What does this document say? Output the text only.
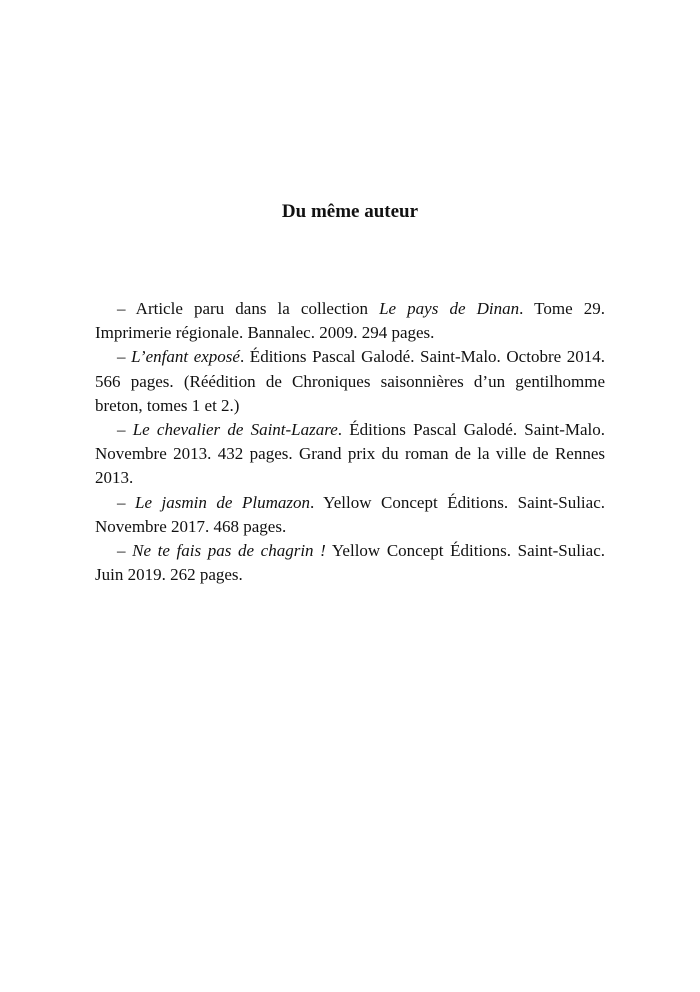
Du même auteur
– Article paru dans la collection Le pays de Dinan. Tome 29. Imprimerie régionale. Bannalec. 2009. 294 pages.
– L’enfant exposé. Éditions Pascal Galodé. Saint-Malo. Octobre 2014. 566 pages. (Réédition de Chroniques saisonnières d’un gentilhomme breton, tomes 1 et 2.)
– Le chevalier de Saint-Lazare. Éditions Pascal Galodé. Saint-Malo. Novembre 2013. 432 pages. Grand prix du roman de la ville de Rennes 2013.
– Le jasmin de Plumazon. Yellow Concept Éditions. Saint-Suliac. Novembre 2017. 468 pages.
– Ne te fais pas de chagrin ! Yellow Concept Éditions. Saint-Suliac. Juin 2019. 262 pages.
